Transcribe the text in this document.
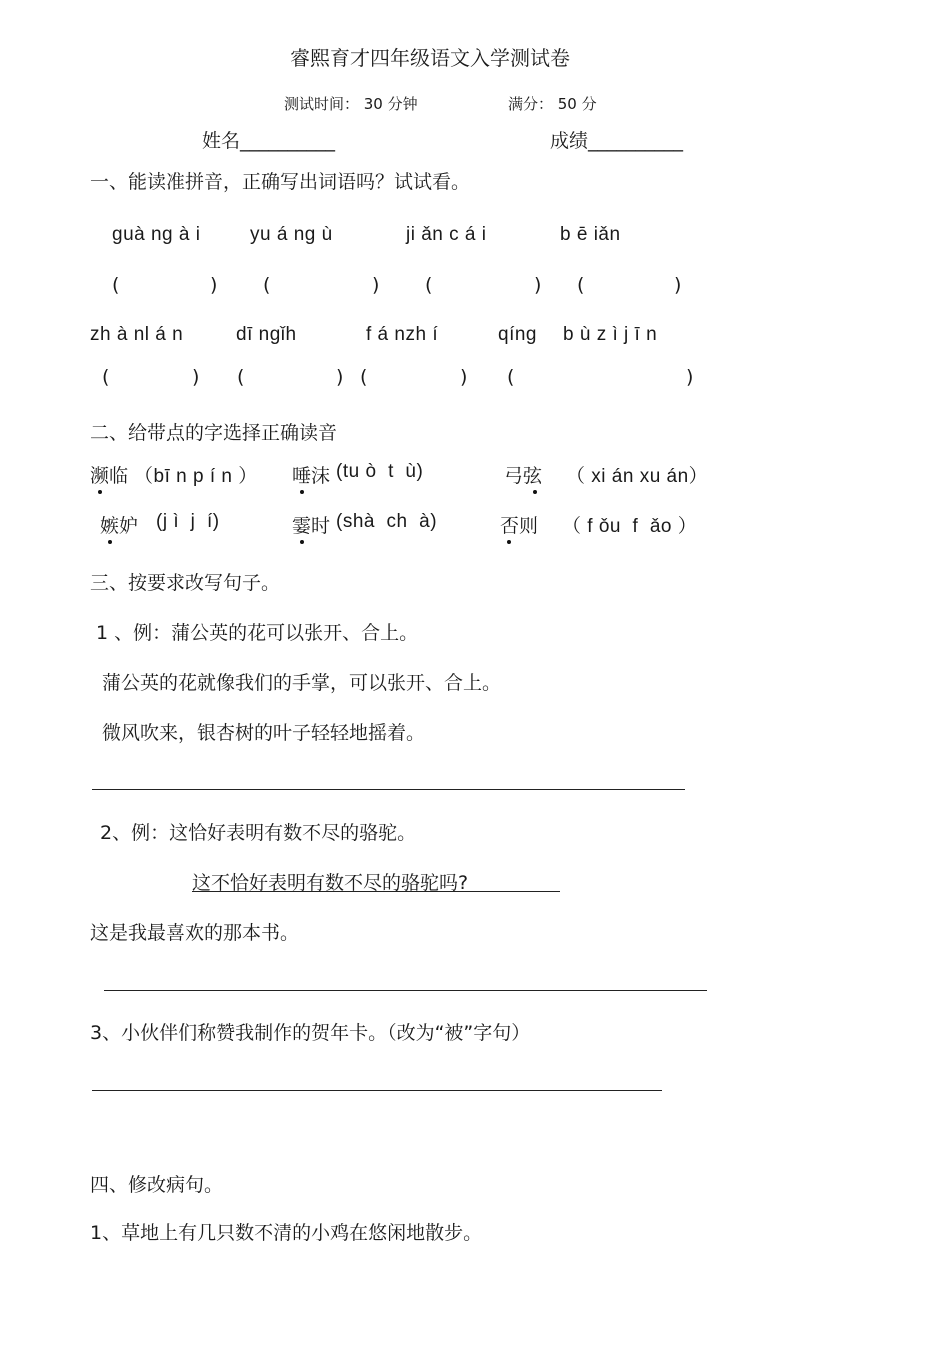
睿熙育才四年级语文入学测试卷
测试时间： 30 分钟	满分： 50 分
姓名__________	成绩__________
一、能读准拼音，正确写出词语吗？试试看。
guà ng à i	yu á ng ù	ji ǎn c á i	b ē iǎn
(	) (	) (	) (	)
zh à nl á n	dī ngǐh	f á nzh í	qíng b ù z ì j ī n
(	) (	) (	) (	)
二、给带点的字选择正确读音
濒临 （bī n p í n ） 唾沫 (tu ò  t  ù)	弓弦 （ xi án xu án）
嫉妒 (j ì  j  í)	霎时 (shà  ch  à)	否则 （ f ǒu  f  ǎo ）
三、按要求改写句子。
1 、例：蒲公英的花可以张开、合上。
蒲公英的花就像我们的手掌，可以张开、合上。
微风吹来，银杏树的叶子轻轻地摇着。
2、例：这恰好表明有数不尽的骆驼。
这不恰好表明有数不尽的骆驼吗?
这是我最喜欢的那本书。
3、小伙伴们称赞我制作的贺年卡。（改为“被”字句）
四、修改病句。
1、草地上有几只数不清的小鸡在悠闲地散步。
